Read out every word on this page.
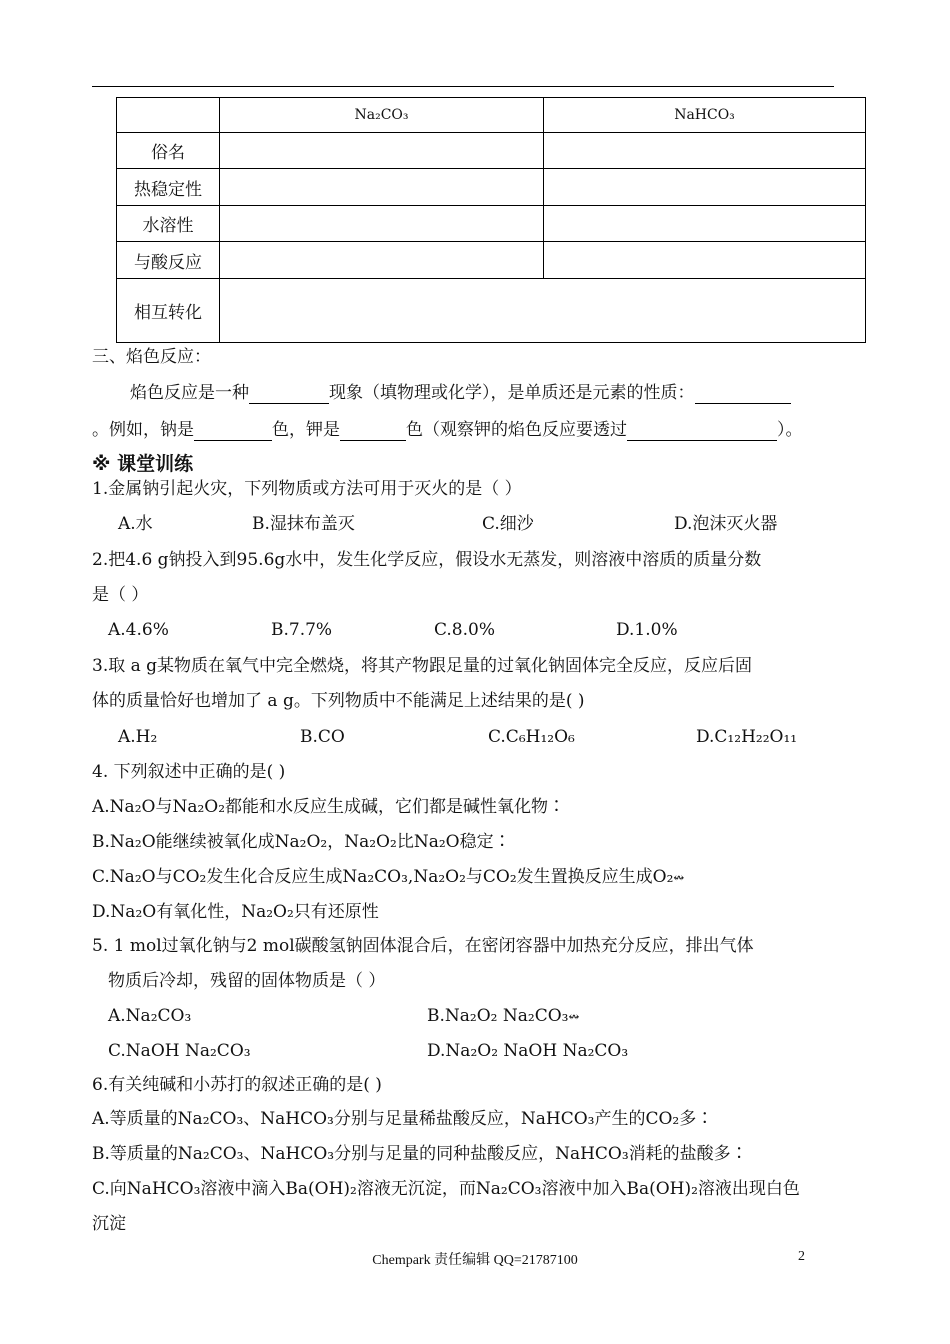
	Na₂CO₃	NaHCO₃
俗名		
热稳定性		
水溶性		
与酸反应		
相互转化		
三、焰色反应：
焰色反应是一种	现象（填物理或化学），是单质还是元素的性质：
。例如，钠是	色，钾是	色（观察钾的焰色反应要透过	）。
※ 课堂训练
1.金属钠引起火灾，下列物质或方法可用于灭火的是（ ）
A.水	B.湿抹布盖灭	C.细沙	D.泡沫灭火器
2.把4.6 g钠投入到95.6g水中，发生化学反应，假设水无蒸发，则溶液中溶质的质量分数
是（ ）
A.4.6%	B.7.7%	C.8.0%	D.1.0%
3.取 a g某物质在氧气中完全燃烧，将其产物跟足量的过氧化钠固体完全反应，反应后固
体的质量恰好也增加了 a g。下列物质中不能满足上述结果的是( )
A.H₂	B.CO	C.C₆H₁₂O₆	D.C₁₂H₂₂O₁₁
4. 下列叙述中正确的是( )
A.Na₂O与Na₂O₂都能和水反应生成碱，它们都是碱性氧化物∶
B.Na₂O能继续被氧化成Na₂O₂，Na₂O₂比Na₂O稳定∶
C.Na₂O与CO₂发生化合反应生成Na₂CO₃,Na₂O₂与CO₂发生置换反应生成O₂↭
D.Na₂O有氧化性，Na₂O₂只有还原性
5. 1 mol过氧化钠与2 mol碳酸氢钠固体混合后，在密闭容器中加热充分反应，排出气体
物质后冷却，残留的固体物质是（ ）
A.Na₂CO₃	B.Na₂O₂ Na₂CO₃↭
C.NaOH Na₂CO₃	D.Na₂O₂ NaOH Na₂CO₃
6.有关纯碱和小苏打的叙述正确的是( )
A.等质量的Na₂CO₃、NaHCO₃分别与足量稀盐酸反应，NaHCO₃产生的CO₂多∶
B.等质量的Na₂CO₃、NaHCO₃分别与足量的同种盐酸反应，NaHCO₃消耗的盐酸多∶
C.向NaHCO₃溶液中滴入Ba(OH)₂溶液无沉淀，而Na₂CO₃溶液中加入Ba(OH)₂溶液出现白色
沉淀
Chempark 责任编辑 QQ=21787100	2
